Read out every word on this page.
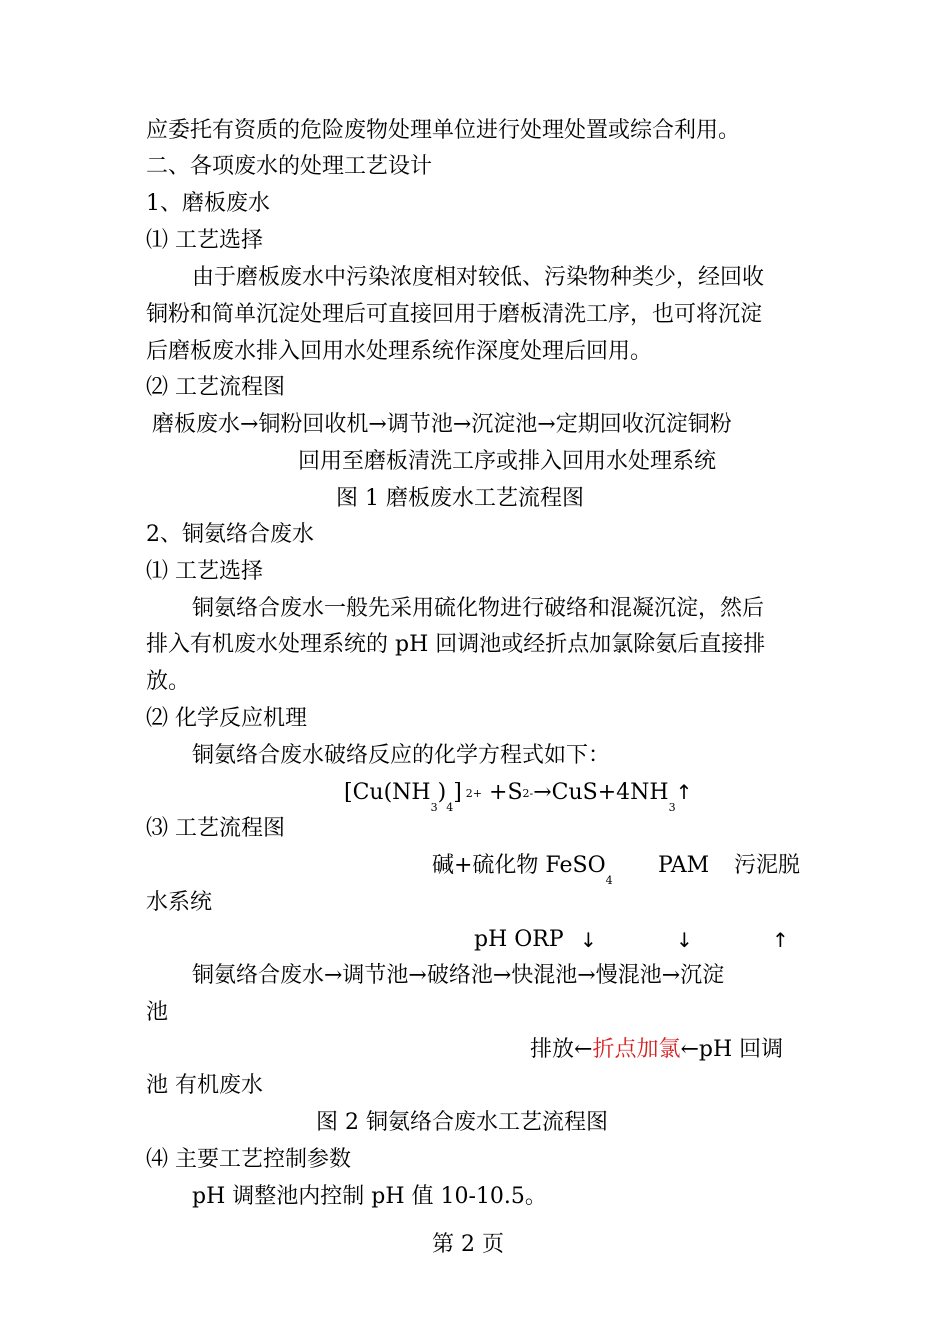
应委托有资质的危险废物处理单位进行处理处置或综合利用。
二、各项废水的处理工艺设计
1、磨板废水
⑴ 工艺选择
由于磨板废水中污染浓度相对较低、污染物种类少，经回收
铜粉和简单沉淀处理后可直接回用于磨板清洗工序，也可将沉淀
后磨板废水排入回用水处理系统作深度处理后回用。
⑵ 工艺流程图
磨板废水→铜粉回收机→调节池→沉淀池→定期回收沉淀铜粉
回用至磨板清洗工序或排入回用水处理系统
图 1 磨板废水工艺流程图
2、铜氨络合废水
⑴ 工艺选择
铜氨络合废水一般先采用硫化物进行破络和混凝沉淀，然后
排入有机废水处理系统的 pH 回调池或经折点加氯除氨后直接排
放。
⑵ 化学反应机理
铜氨络合废水破络反应的化学方程式如下：
$[Cu(NH_3)_4]$ $2+ +S2-\to CuS+4NH_3↑$
⑶ 工艺流程图
碱+硫化物 FeSO$_4$
PAM 污泥脱
水系统
pH ORP ↓	↓	↑
铜氨络合废水→调节池→破络池→快混池→慢混池→沉淀
池
排放←折点加氯←pH 回调
池 有机废水
图 2 铜氨络合废水工艺流程图
⑷ 主要工艺控制参数
pH 调整池内控制 pH 值 10-10.5。
第 2 页
